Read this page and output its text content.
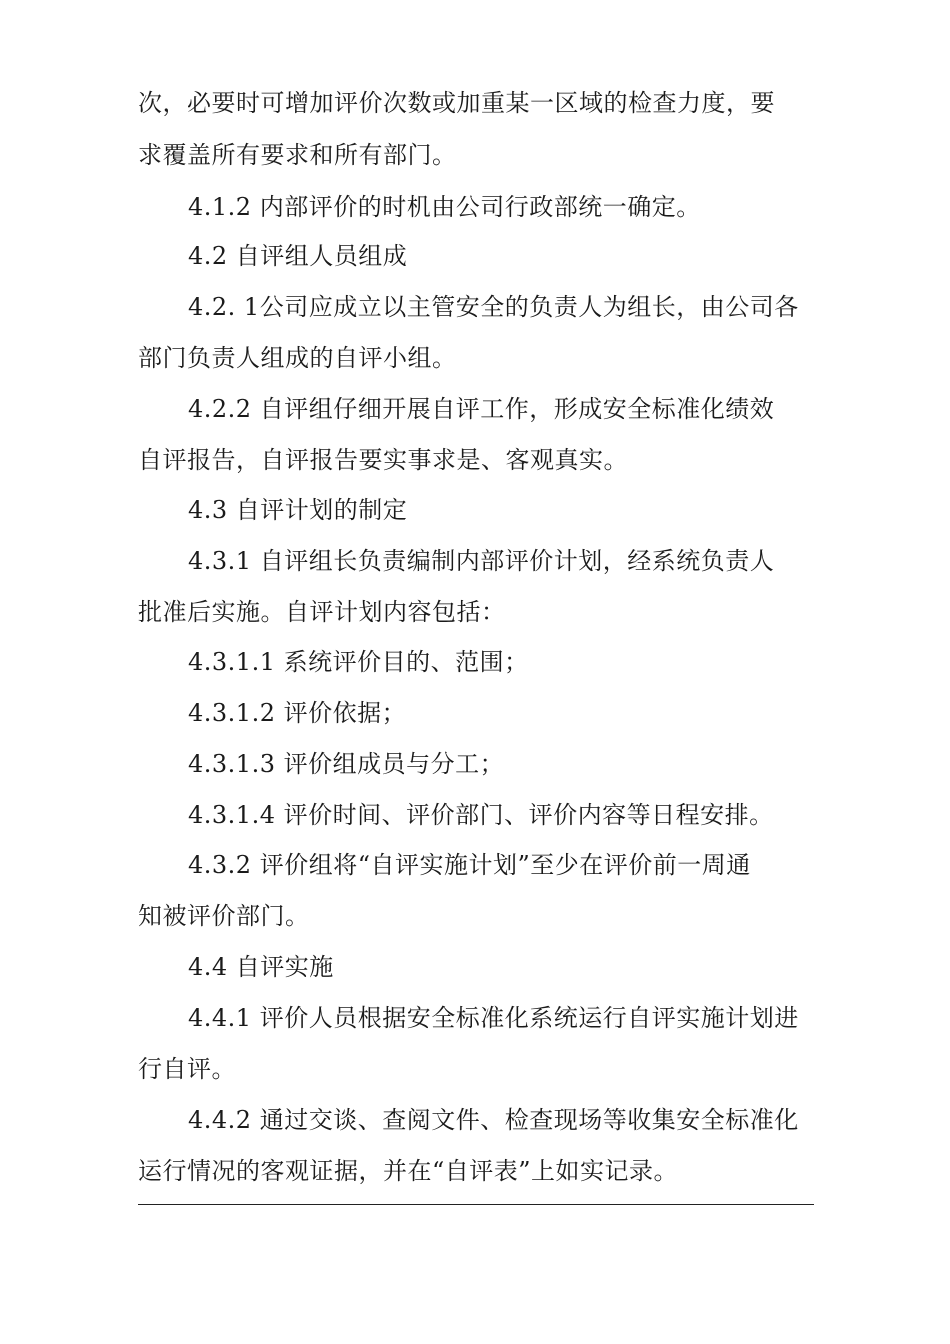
次，必要时可增加评价次数或加重某一区域的检查力度，要
求覆盖所有要求和所有部门。
4.1.2 内部评价的时机由公司行政部统一确定。
4.2 自评组人员组成
4.2. 1公司应成立以主管安全的负责人为组长，由公司各
部门负责人组成的自评小组。
4.2.2 自评组仔细开展自评工作，形成安全标准化绩效
自评报告，自评报告要实事求是、客观真实。
4.3 自评计划的制定
4.3.1 自评组长负责编制内部评价计划，经系统负责人
批准后实施。自评计划内容包括：
4.3.1.1 系统评价目的、范围；
4.3.1.2 评价依据；
4.3.1.3 评价组成员与分工；
4.3.1.4 评价时间、评价部门、评价内容等日程安排。
4.3.2 评价组将“自评实施计划”至少在评价前一周通
知被评价部门。
4.4 自评实施
4.4.1 评价人员根据安全标准化系统运行自评实施计划进
行自评。
4.4.2 通过交谈、查阅文件、检查现场等收集安全标准化
运行情况的客观证据，并在“自评表”上如实记录。
